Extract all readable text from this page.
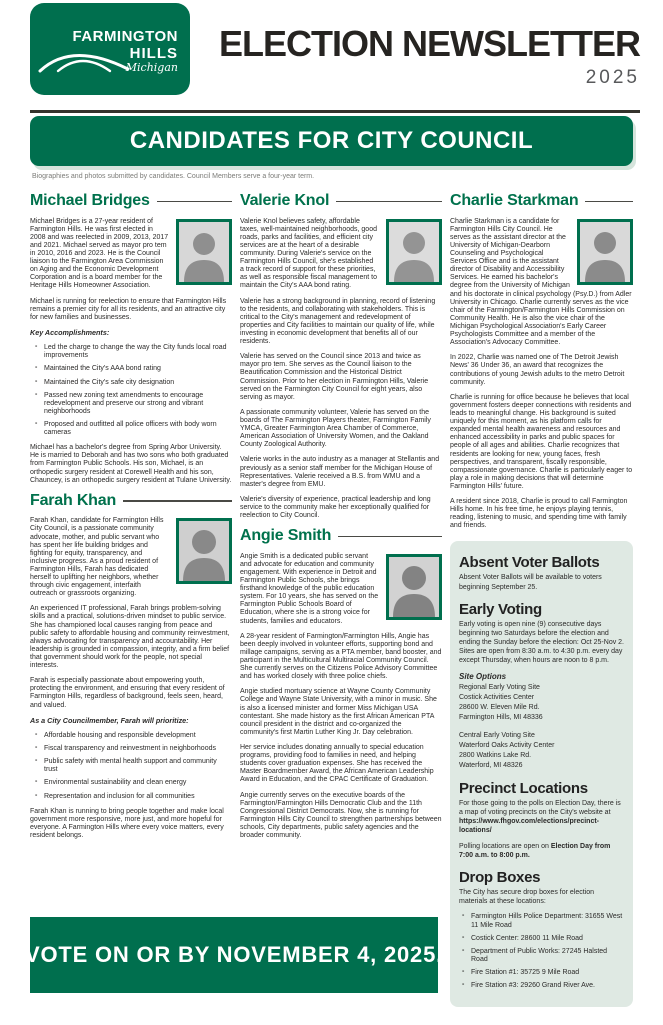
FARMINGTON
HILLS
Michigan
ELECTION NEWSLETTER
2025
CANDIDATES FOR CITY COUNCIL
Biographies and photos submitted by candidates. Council Members serve a four-year term.
Michael Bridges

Michael Bridges is a 27-year resident of Farmington Hills. He was first elected in 2008 and was reelected in 2009, 2013, 2017 and 2021. Michael served as mayor pro tem in 2010, 2016 and 2023. He is the Council liaison to the Farmington Area Commission on Aging and the Economic Development Corporation and is a board member for the Heritage Hills Homeowner Association.

Michael is running for reelection to ensure that Farmington Hills remains a premier city for all its residents, and an attractive city for new families and businesses.

Key Accomplishments:

- Led the charge to change the way the City funds local road improvements
- Maintained the City's AAA bond rating
- Maintained the City's safe city designation
- Passed new zoning text amendments to encourage redevelopment and preserve our strong and vibrant neighborhoods
- Proposed and outfitted all police officers with body worn cameras

Michael has a bachelor's degree from Spring Arbor University. He is married to Deborah and has two sons who both graduated from Farmington Public Schools. His son, Michael, is an orthopedic surgery resident at Corewell Health and his son, Chauncey, is an orthopedic surgery resident at Tulane University.

Farah Khan

Farah Khan, candidate for Farmington Hills City Council, is a passionate community advocate, mother, and public servant who has spent her life building bridges and fighting for equity, transparency, and inclusive progress. As a proud resident of Farmington Hills, Farah has dedicated herself to uplifting her neighbors, whether through civic engagement, interfaith outreach or grassroots organizing.

An experienced IT professional, Farah brings problem-solving skills and a practical, solutions-driven mindset to public service. She has championed local causes ranging from peace and public safety to affordable housing and community reinvestment, always advocating for transparency and accountability. Her leadership is grounded in compassion, integrity, and a firm belief that government should work for the people, not special interests.

Farah is especially passionate about empowering youth, protecting the environment, and ensuring that every resident of Farmington Hills, regardless of background, feels seen, heard, and valued.

As a City Councilmember, Farah will prioritize:

- Affordable housing and responsible development
- Fiscal transparency and reinvestment in neighborhoods
- Public safety with mental health support and community trust
- Environmental sustainability and clean energy
- Representation and inclusion for all communities

Farah Khan is running to bring people together and make local government more responsive, more just, and more hopeful for everyone. A Farmington Hills where every voice matters, every resident belongs.

Valerie Knol

Valerie Knol believes safety, affordable taxes, well-maintained neighborhoods, good roads, parks and facilities, and efficient city services are at the heart of a desirable community. During Valerie's service on the Farmington Hills Council, she's established a track record of support for these priorities, as well as responsible fiscal management to maintain the City's AAA bond rating.

Valerie has a strong background in planning, record of listening to the residents, and collaborating with stakeholders. This is critical to the City's management and redevelopment of properties and City facilities to maintain our quality of life, while investing in economic development that benefits all of our residents.

Valerie has served on the Council since 2013 and twice as mayor pro tem. She serves as the Council liaison to the Beautification Commission and the Historical District Commission. Prior to her election in Farmington Hills, Valerie served on the Farmington City Council for eight years, also serving as mayor.

A passionate community volunteer, Valerie has served on the boards of The Farmington Players theater, Farmington Family YMCA, Greater Farmington Area Chamber of Commerce, American Association of University Women, and the Oakland County Zoological Authority.

Valerie works in the auto industry as a manager at Stellantis and previously as a senior staff member for the Michigan House of Representatives. Valerie received a B.S. from WMU and a master's degree from EMU.

Valerie's diversity of experience, practical leadership and long service to the community make her exceptionally qualified for reelection to City Council.

Angie Smith

Angie Smith is a dedicated public servant and advocate for education and community engagement. With experience in Detroit and Farmington Public Schools, she brings firsthand knowledge of the public education system. For 10 years, she has served on the Farmington Public Schools Board of Education, where she is a strong voice for students, families and educators.

A 28-year resident of Farmington/Farmington Hills, Angie has been deeply involved in volunteer efforts, supporting bond and millage campaigns, serving as a PTA member, band booster, and participant in the Multicultural Multiracial Community Council. She currently serves on the Citizens Police Advisory Committee and has worked closely with three police chiefs.

Angie studied mortuary science at Wayne County Community College and Wayne State University, with a minor in music. She is also a licensed minister and former Miss Michigan USA contestant. She made history as the first African American PTA council president in the district and co-organized the community's first Martin Luther King Jr. Day celebration.

Her service includes donating annually to special education programs, providing food to families in need, and helping students cover graduation expenses. She has received the Master Boardmember Award, the African American Leadership Award in Education, and the CPAC Certificate of Graduation.

Angie currently serves on the executive boards of the Farmington/Farmington Hills Democratic Club and the 11th Congressional District Democrats. Now, she is running for Farmington Hills City Council to strengthen partnerships between schools, City departments, public safety agencies and the broader community.

Charlie Starkman

Charlie Starkman is a candidate for Farmington Hills City Council. He serves as the assistant director at the University of Michigan-Dearborn Counseling and Psychological Services Office and is the assistant director of Disability and Accessibility Services. He earned his bachelor's degree from the University of Michigan and his doctorate in clinical psychology (Psy.D.) from Adler University in Chicago. Charlie currently serves as the vice chair of the Farmington/Farmington Hills Commission on Community Health. He is also the vice chair of the Michigan Psychological Association's Early Career Psychologists Committee and a member of the Association's Advocacy Committee.

In 2022, Charlie was named one of The Detroit Jewish News' 36 Under 36, an award that recognizes the contributions of young Jewish adults to the metro Detroit community.

Charlie is running for office because he believes that local government fosters deeper connections with residents and leads to meaningful change. His background is suited uniquely for this moment, as his platform calls for expanded mental health awareness and resources and enhanced accessibility in parks and public spaces for people of all ages and abilities. Charlie recognizes that residents are looking for new, young faces, fresh perspectives, and transparent, fiscally responsible, compassionate governance. Charlie is particularly eager to play a role in making decisions that will determine Farmington Hills' future.

A resident since 2018, Charlie is proud to call Farmington Hills home. In his free time, he enjoys playing tennis, reading, listening to music, and spending time with family and friends.

Absent Voter Ballots

Absent Voter Ballots will be available to voters beginning September 25.

Early Voting

Early voting is open nine (9) consecutive days beginning two Saturdays before the election and ending the Sunday before the election: Oct 25-Nov 2. Sites are open from 8:30 a.m. to 4:30 p.m. every day except Thursday, when hours are noon to 8 p.m.

Site Options
Regional Early Voting Site
Costick Activities Center
28600 W. Eleven Mile Rd.
Farmington Hills, MI 48336
Central Early Voting Site
Waterford Oaks Activity Center
2800 Watkins Lake Rd.
Waterford, MI 48326
Precinct Locations

For those going to the polls on Election Day, there is a map of voting precincts on the City's website at https://www.fhgov.com/elections/precinct-locations/

Polling locations are open on Election Day from 7:00 a.m. to 8:00 p.m.

Drop Boxes

The City has secure drop boxes for election materials at these locations:

- Farmington Hills Police Department: 31655 West 11 Mile Road
- Costick Center: 28600 11 Mile Road
- Department of Public Works: 27245 Halsted Road
- Fire Station #1: 35725 9 Mile Road
- Fire Station #3: 29260 Grand River Ave.
VOTE ON OR BY NOVEMBER 4, 2025.
